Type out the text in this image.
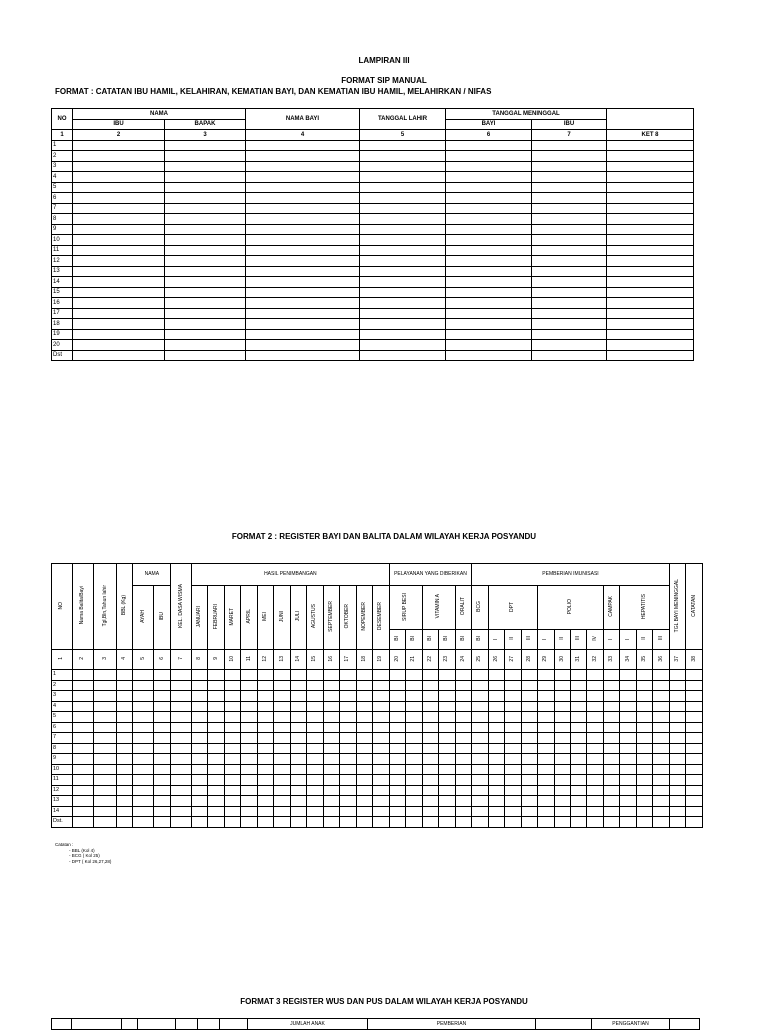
LAMPIRAN III
FORMAT SIP MANUAL
FORMAT : CATATAN IBU HAMIL, KELAHIRAN, KEMATIAN BAYI, DAN KEMATIAN IBU HAMIL, MELAHIRKAN / NIFAS
NO	NAMA		NAMA BAYI	TANGGAL LAHIR	TANGGAL MENINGGAL		
	IBU	BAPAK			BAYI	IBU	
1	2	3	4	5	6	7	KET 8
1							
2							
3							
4							
5							
6							
7							
8							
9							
10							
11							
12							
13							
14							
15							
16							
17							
18							
19							
20							
Dst							
FORMAT 2 : REGISTER BAYI DAN BALITA DALAM WILAYAH KERJA POSYANDU
NO	Nama Balita/Bayi	Tgl,Bln,Tahun lahir	BBL (Kg)	NAMA		KEL. DASA WISMA	HASIL PENIMBANGAN												PELAYANAN YANG DIBERIKAN					PEMBERIAN IMUNISASI												TGL BAYI MENINGGAL	CATATAN
				AYAH	IBU		JANUARI	FEBRUARI	MARET	APRIL	MEI	JUNI	JULI	AGUSTUS	SEPTEMBER	OKTOBER	NOPEMBER	DESEMBER	SIRUP BESI		VITAMIN A		ORALIT	BCG	DPT			POLIO				CAMPAK	HEPATITIS				
																			BI	BI	BI	BI	BI	BI	I	II	III	I	II	III	IV	I	I	II	III		
1	2	3	4	5	6	7	8	9	10	11	12	13	14	15	16	17	18	19	20	21	22	23	24	25	26	27	28	29	30	31	32	33	34	35	36	37	38
1																																					
2																																					
3																																					
4																																					
5																																					
6																																					
7																																					
8																																					
9																																					
10																																					
11																																					
12																																					
13																																					
14																																					
Dst.																																					
Catatan :
- BBL (Kol 4)
- BCG ( Kol 25)
- DPT ( Kol 26,27,28)
FORMAT 3 REGISTER WUS DAN PUS DALAM WILAYAH KERJA POSYANDU
							JUMLAH ANAK	PEMBERIAN		PENGGANTIAN	
